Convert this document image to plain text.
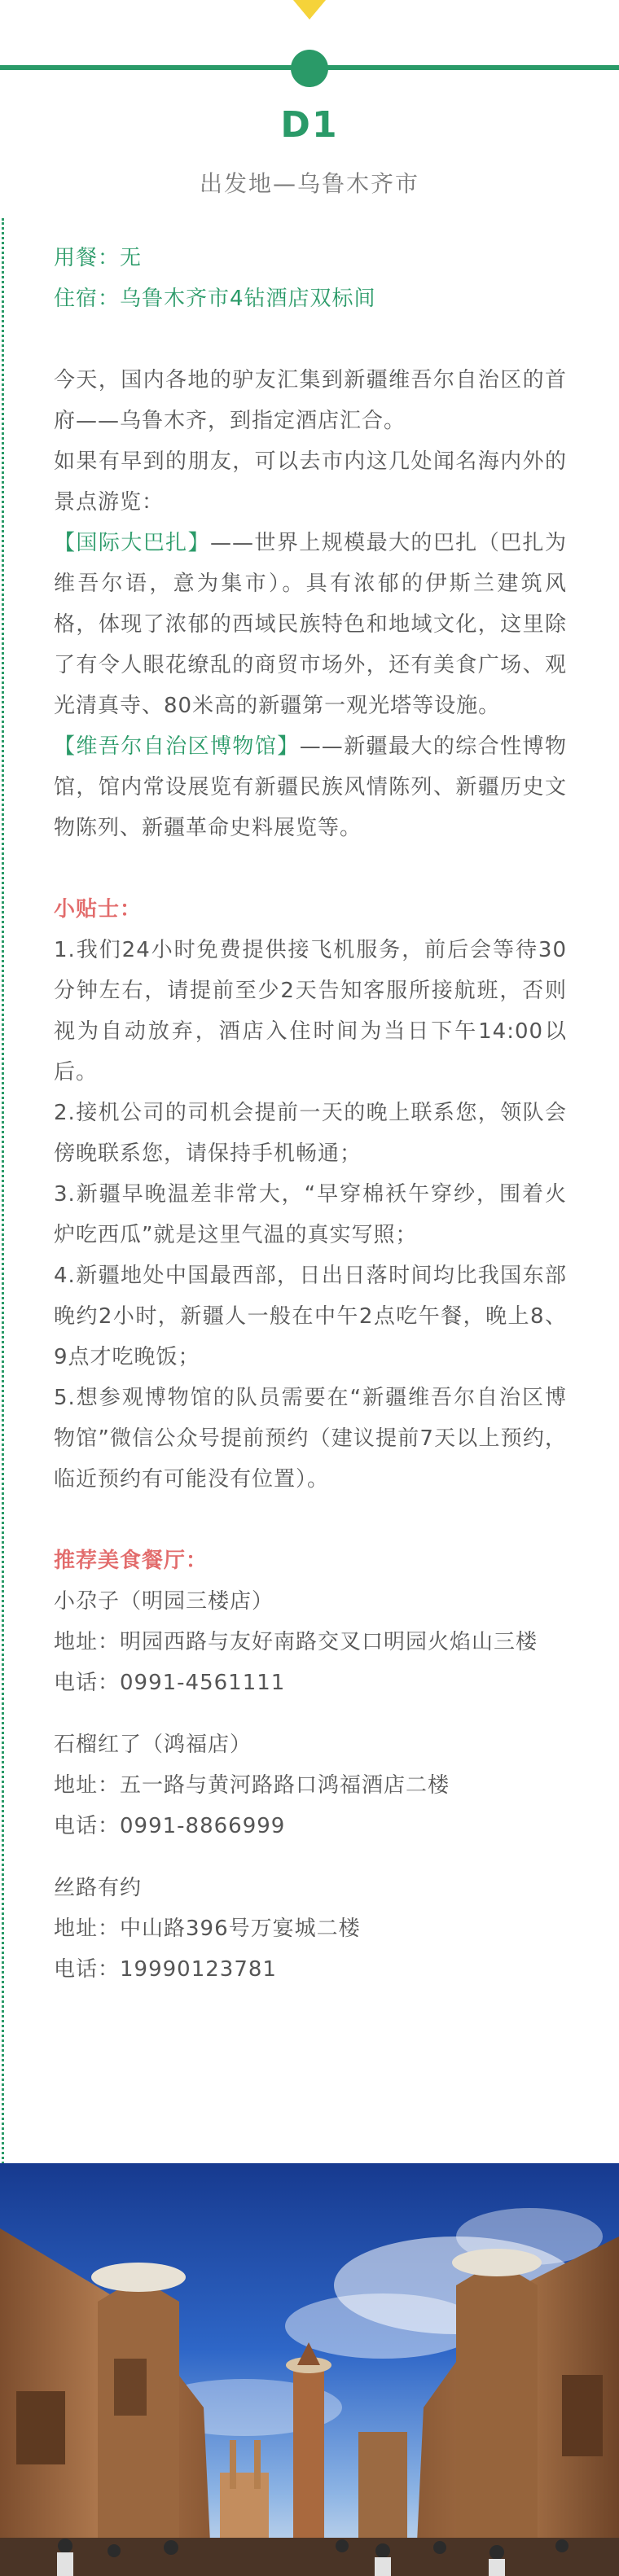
D1
出发地—乌鲁木齐市

用餐：无

住宿：乌鲁木齐市4钻酒店双标间

今天，国内各地的驴友汇集到新疆维吾尔自治区的首府——乌鲁木齐，到指定酒店汇合。

如果有早到的朋友，可以去市内这几处闻名海内外的景点游览：

【国际大巴扎】——世界上规模最大的巴扎（巴扎为维吾尔语，意为集市）。具有浓郁的伊斯兰建筑风格，体现了浓郁的西域民族特色和地域文化，这里除了有令人眼花缭乱的商贸市场外，还有美食广场、观光清真寺、80米高的新疆第一观光塔等设施。

【维吾尔自治区博物馆】——新疆最大的综合性博物馆，馆内常设展览有新疆民族风情陈列、新疆历史文物陈列、新疆革命史料展览等。

小贴士：

1.我们24小时免费提供接飞机服务，前后会等待30分钟左右，请提前至少2天告知客服所接航班，否则视为自动放弃，酒店入住时间为当日下午14:00以后。

2.接机公司的司机会提前一天的晚上联系您，领队会傍晚联系您，请保持手机畅通；

3.新疆早晚温差非常大，“早穿棉袄午穿纱，围着火炉吃西瓜”就是这里气温的真实写照；

4.新疆地处中国最西部，日出日落时间均比我国东部晚约2小时，新疆人一般在中午2点吃午餐，晚上8、9点才吃晚饭；

5.想参观博物馆的队员需要在“新疆维吾尔自治区博物馆”微信公众号提前预约（建议提前7天以上预约，临近预约有可能没有位置）。

推荐美食餐厅：

小尕子（明园三楼店）

地址：明园西路与友好南路交叉口明园火焰山三楼

电话：0991-4561111

石榴红了（鸿福店）

地址：五一路与黄河路路口鸿福酒店二楼

电话：0991-8866999

丝路有约

地址：中山路396号万宴城二楼

电话：19990123781
